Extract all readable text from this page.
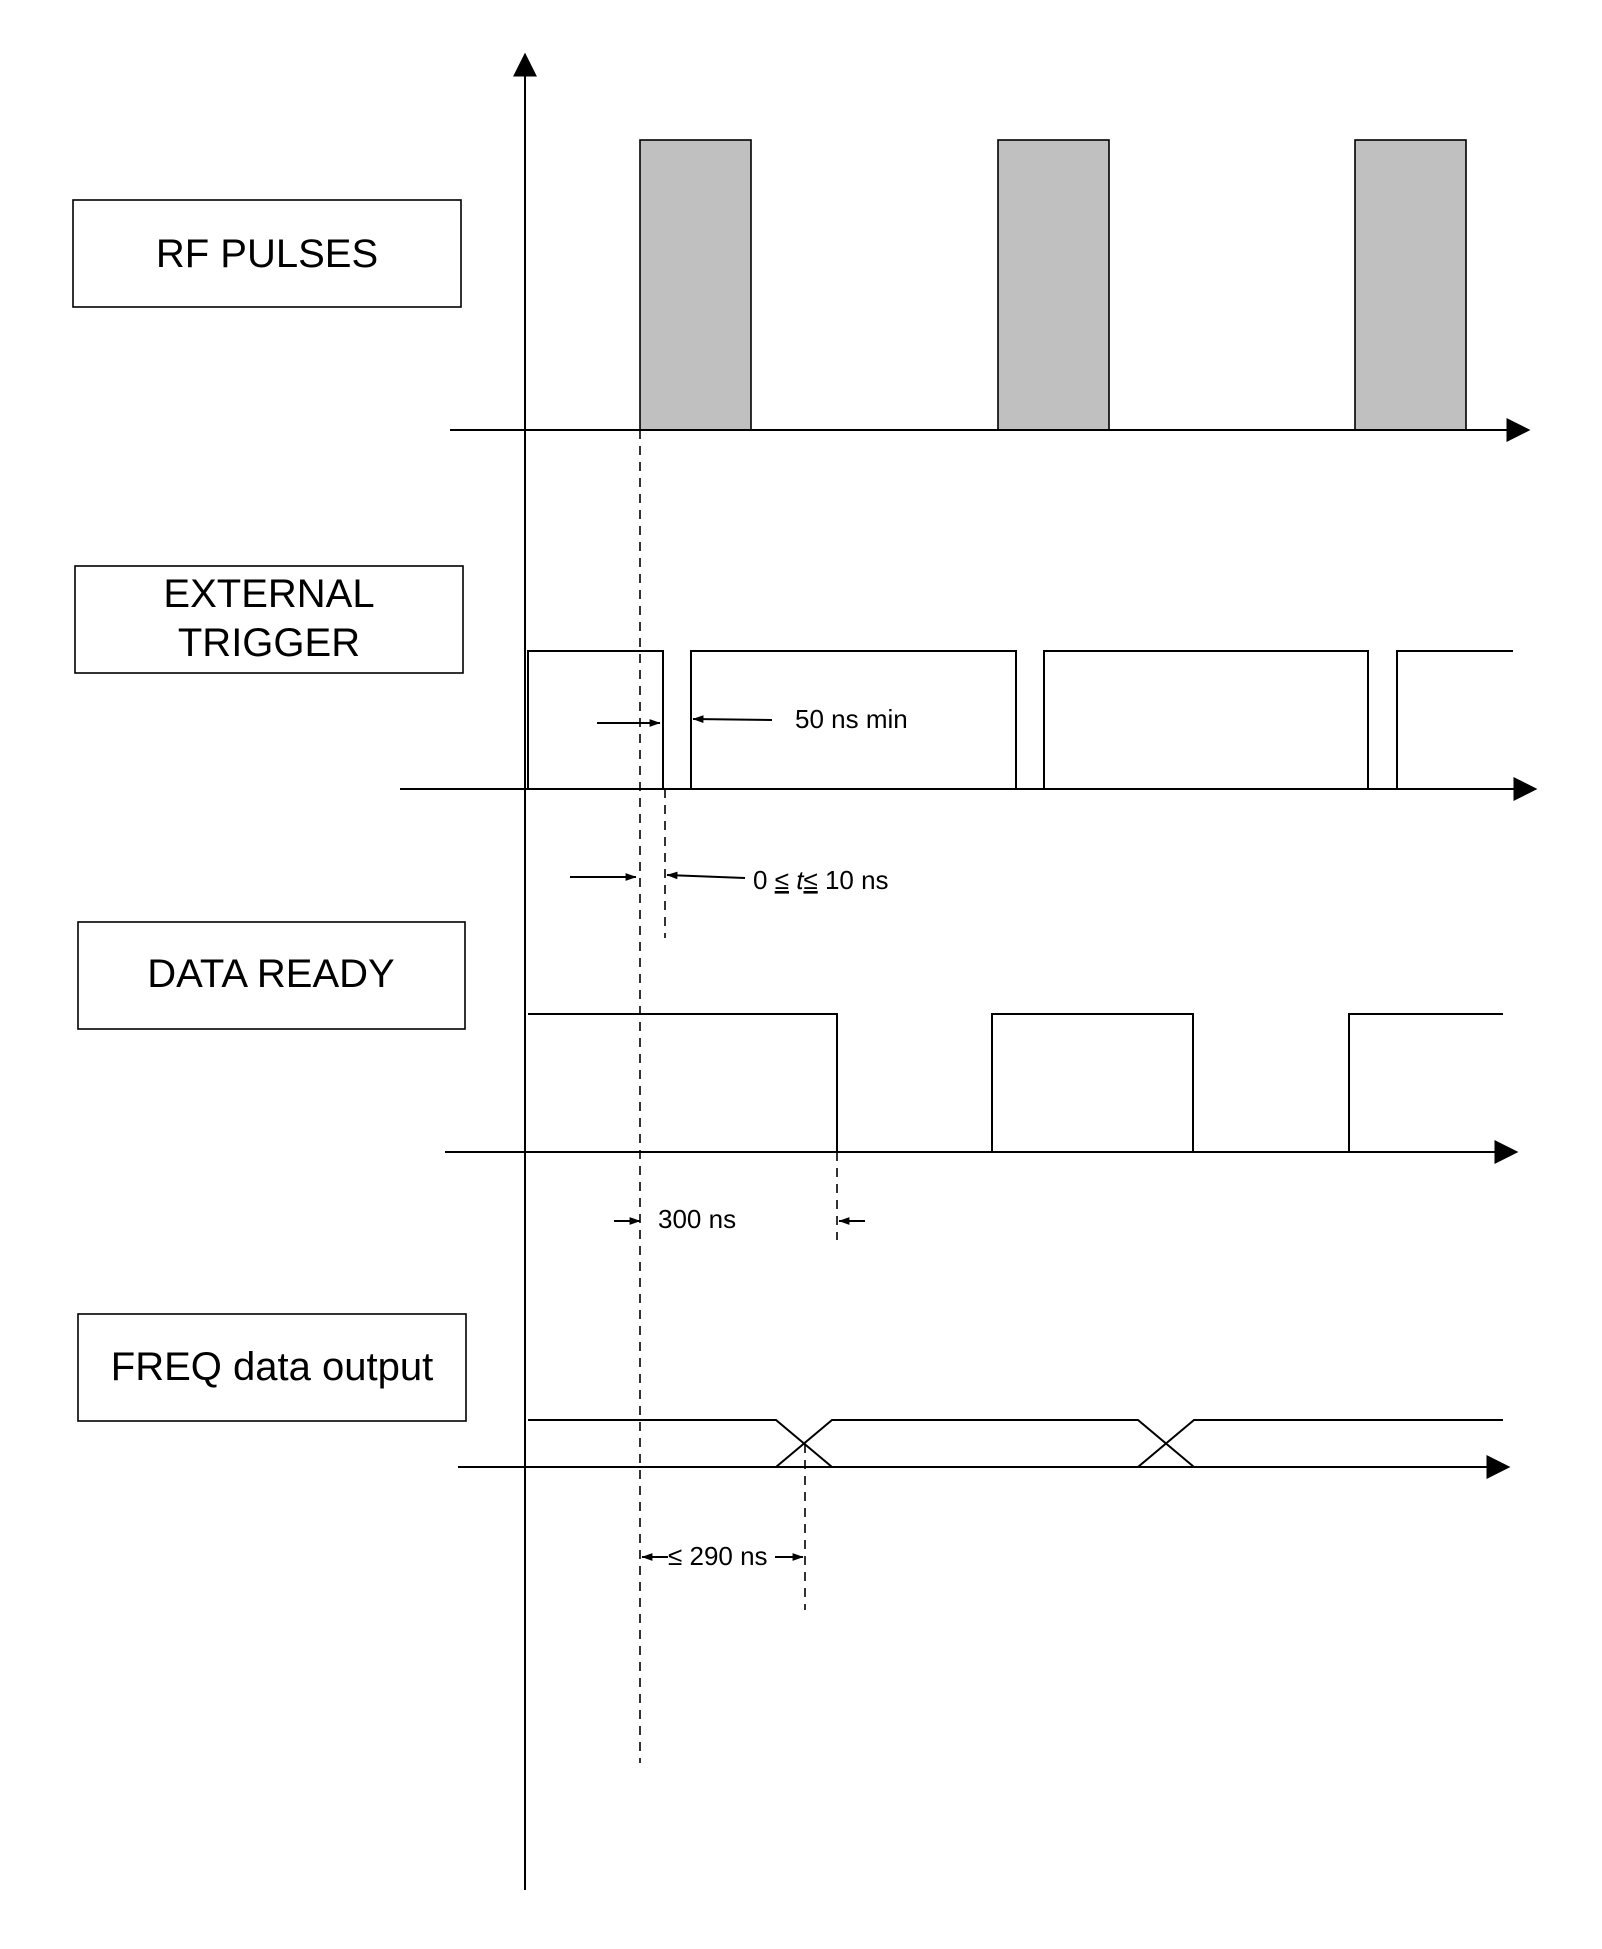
RF PULSES
EXTERNAL
TRIGGER
50 ns min
0 ≤ t≤ 10 ns
DATA READY
300 ns
FREQ data output
≤ 290 ns
